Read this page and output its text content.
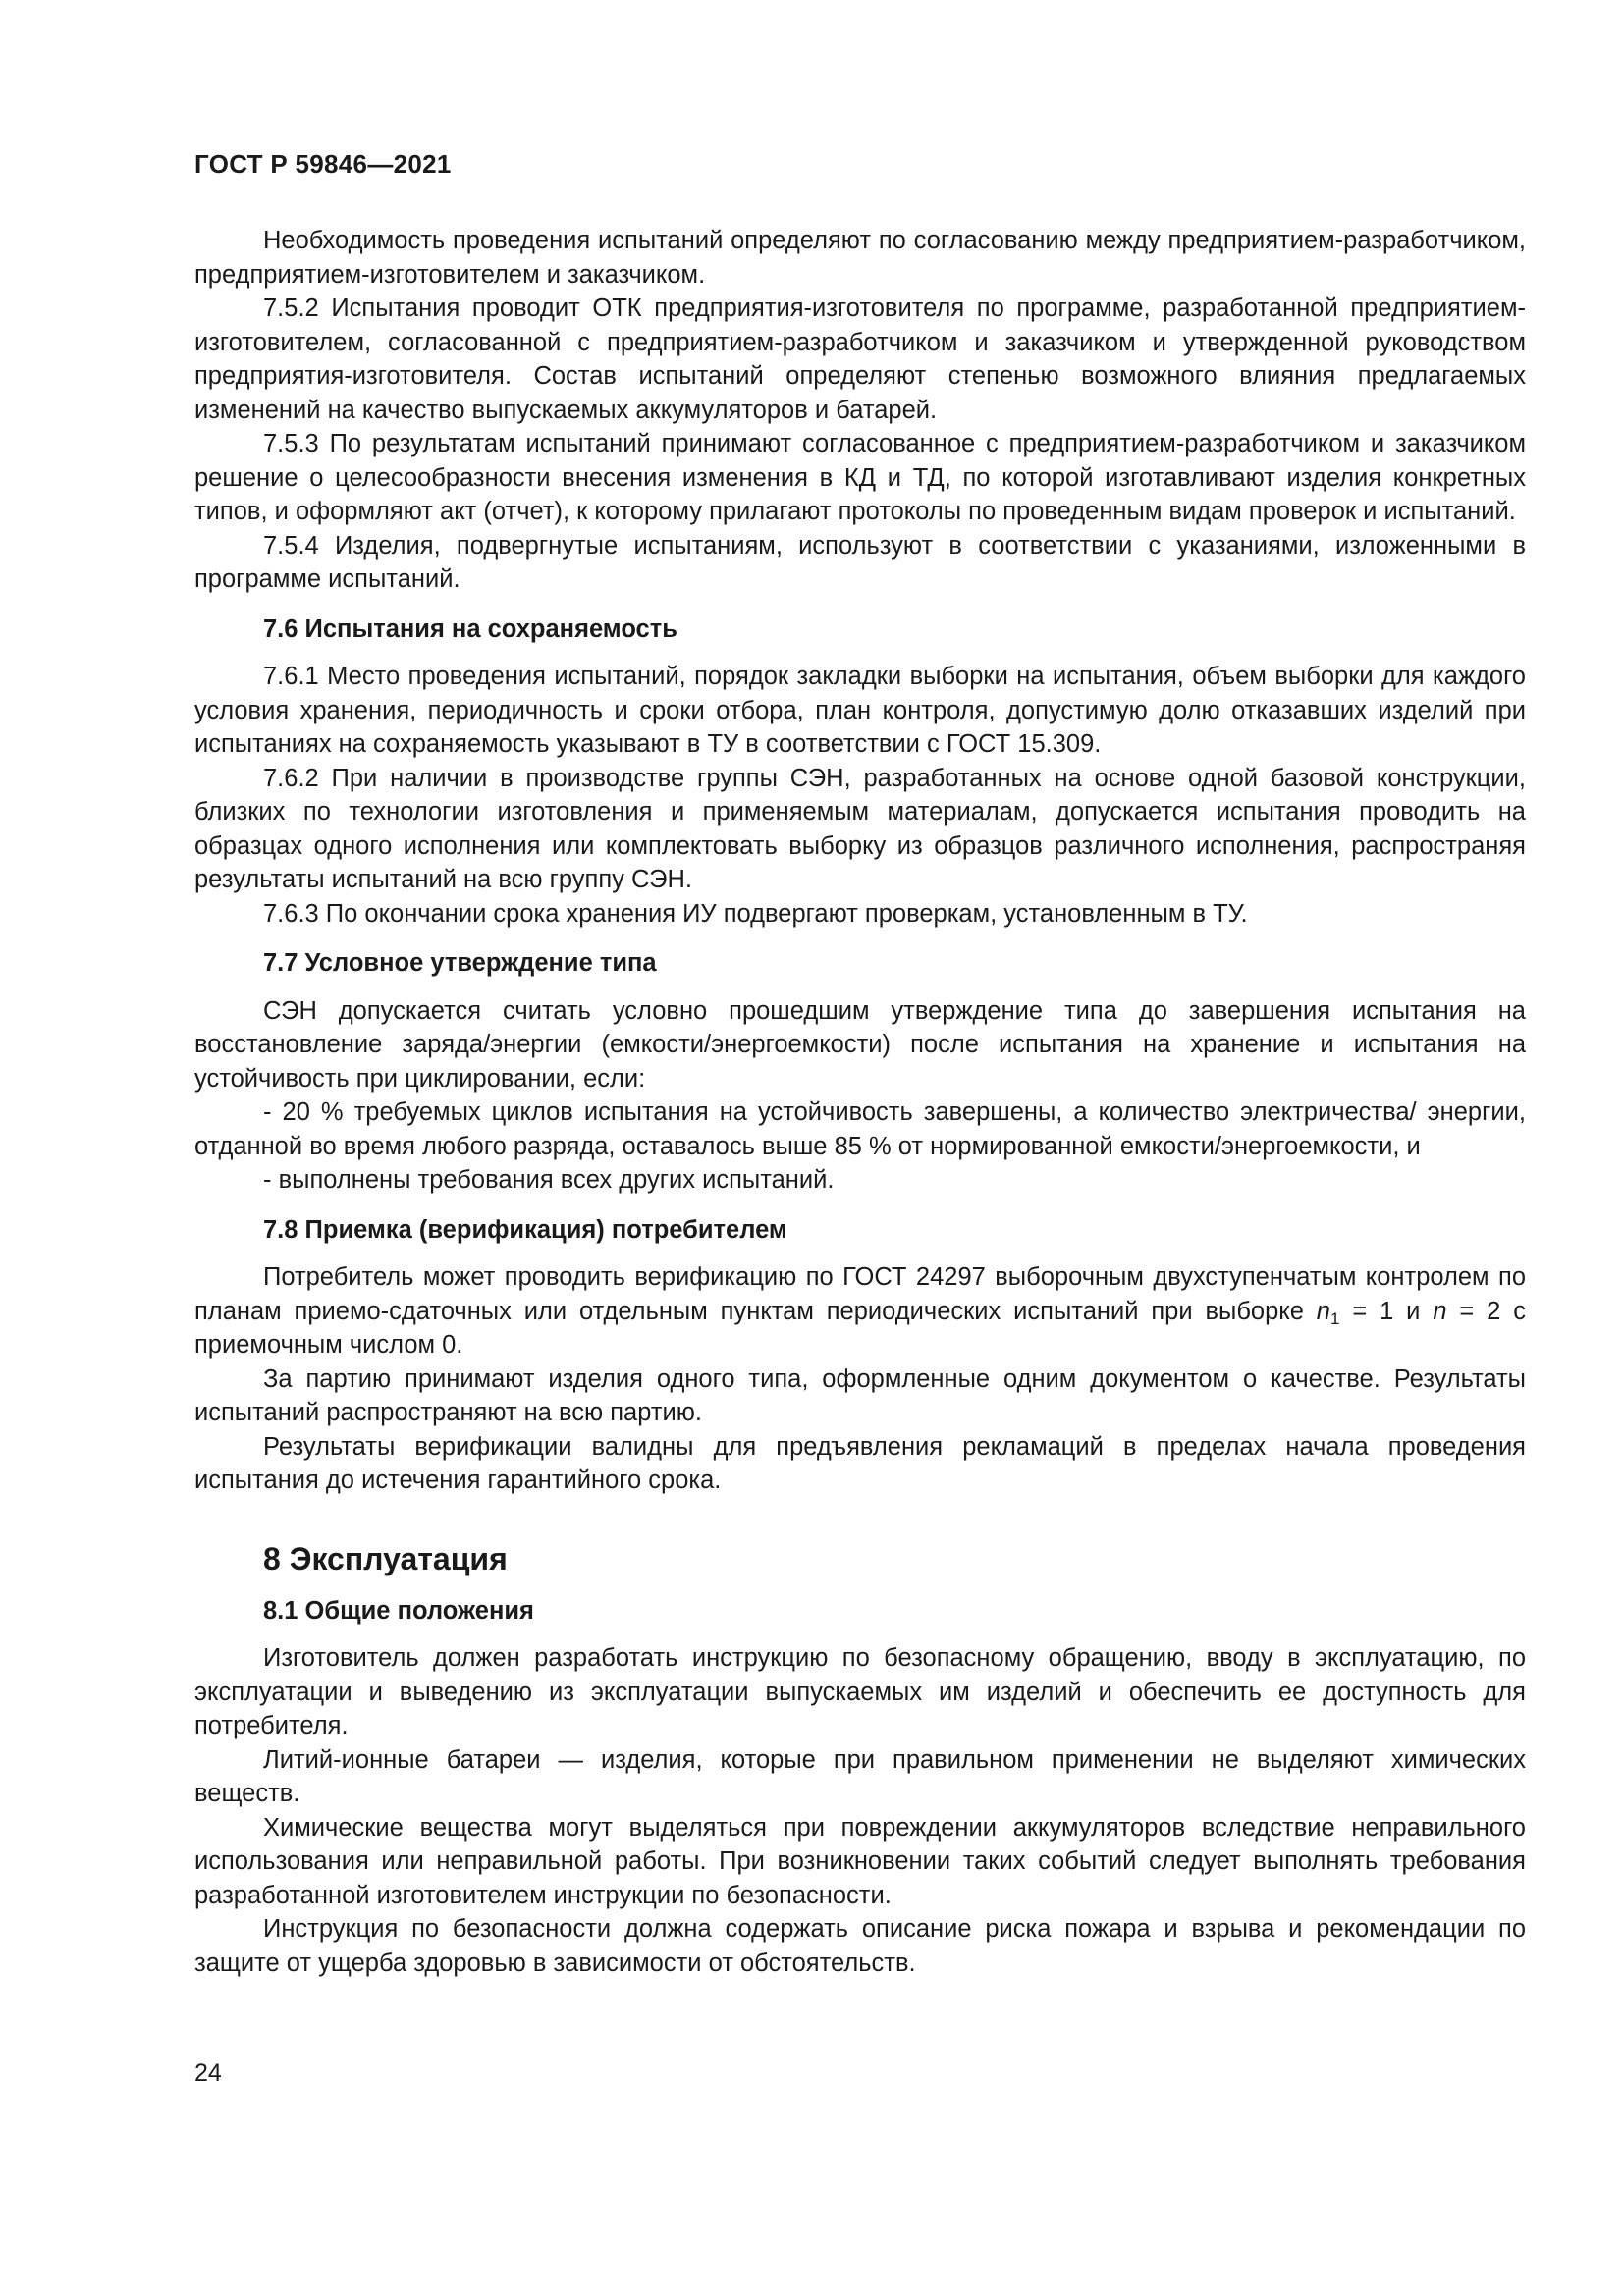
ГОСТ Р 59846—2021

Необходимость проведения испытаний определяют по согласованию между предприятием-разработчиком, предприятием-изготовителем и заказчиком.

7.5.2 Испытания проводит ОТК предприятия-изготовителя по программе, разработанной предприятием-изготовителем, согласованной с предприятием-разработчиком и заказчиком и утвержденной руководством предприятия-изготовителя. Состав испытаний определяют степенью возможного влияния предлагаемых изменений на качество выпускаемых аккумуляторов и батарей.

7.5.3 По результатам испытаний принимают согласованное с предприятием-разработчиком и заказчиком решение о целесообразности внесения изменения в КД и ТД, по которой изготавливают изделия конкретных типов, и оформляют акт (отчет), к которому прилагают протоколы по проведенным видам проверок и испытаний.

7.5.4 Изделия, подвергнутые испытаниям, используют в соответствии с указаниями, изложенными в программе испытаний.

7.6 Испытания на сохраняемость

7.6.1 Место проведения испытаний, порядок закладки выборки на испытания, объем выборки для каждого условия хранения, периодичность и сроки отбора, план контроля, допустимую долю отказавших изделий при испытаниях на сохраняемость указывают в ТУ в соответствии с ГОСТ 15.309.

7.6.2 При наличии в производстве группы СЭН, разработанных на основе одной базовой конструкции, близких по технологии изготовления и применяемым материалам, допускается испытания проводить на образцах одного исполнения или комплектовать выборку из образцов различного исполнения, распространяя результаты испытаний на всю группу СЭН.

7.6.3 По окончании срока хранения ИУ подвергают проверкам, установленным в ТУ.

7.7 Условное утверждение типа

СЭН допускается считать условно прошедшим утверждение типа до завершения испытания на восстановление заряда/энергии (емкости/энергоемкости) после испытания на хранение и испытания на устойчивость при циклировании, если:

- 20 % требуемых циклов испытания на устойчивость завершены, а количество электричества/ энергии, отданной во время любого разряда, оставалось выше 85 % от нормированной емкости/энергоемкости, и

- выполнены требования всех других испытаний.

7.8 Приемка (верификация) потребителем

Потребитель может проводить верификацию по ГОСТ 24297 выборочным двухступенчатым контролем по планам приемо-сдаточных или отдельным пунктам периодических испытаний при выборке $n_1 = 1$ и n = 2 с приемочным числом 0.

За партию принимают изделия одного типа, оформленные одним документом о качестве. Результаты испытаний распространяют на всю партию.

Результаты верификации валидны для предъявления рекламаций в пределах начала проведения испытания до истечения гарантийного срока.

8 Эксплуатация
8.1 Общие положения

Изготовитель должен разработать инструкцию по безопасному обращению, вводу в эксплуатацию, по эксплуатации и выведению из эксплуатации выпускаемых им изделий и обеспечить ее доступность для потребителя.

Литий-ионные батареи — изделия, которые при правильном применении не выделяют химических веществ.

Химические вещества могут выделяться при повреждении аккумуляторов вследствие неправильного использования или неправильной работы. При возникновении таких событий следует выполнять требования разработанной изготовителем инструкции по безопасности.

Инструкция по безопасности должна содержать описание риска пожара и взрыва и рекомендации по защите от ущерба здоровью в зависимости от обстоятельств.

24
